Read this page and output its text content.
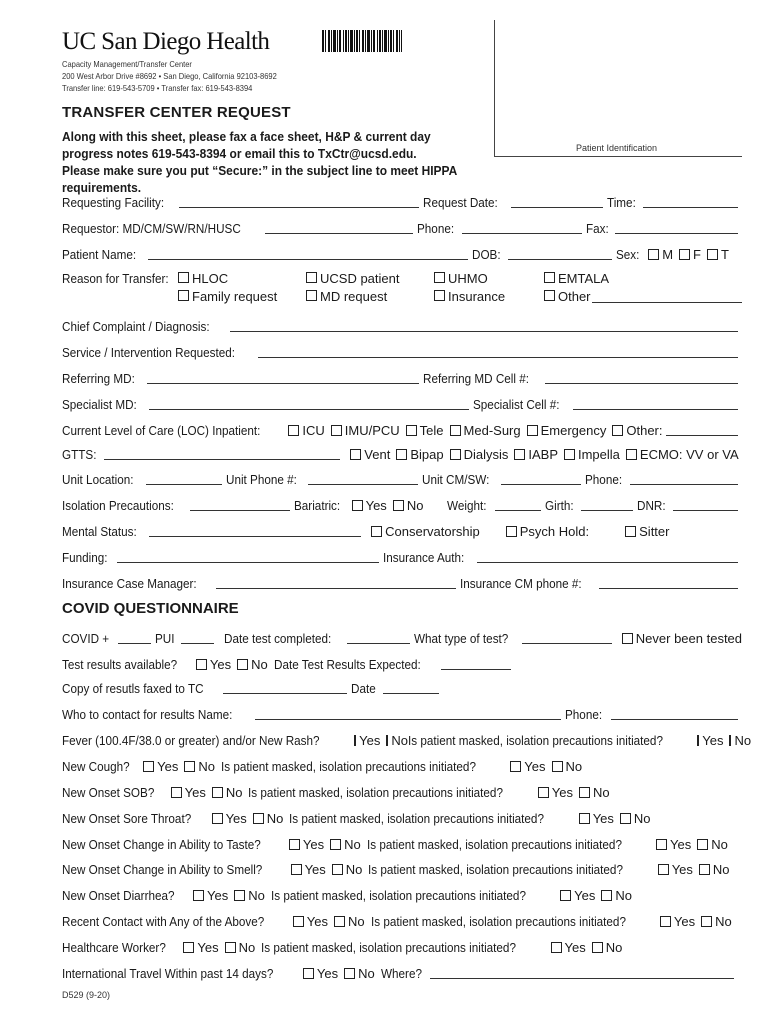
UC San Diego Health
Capacity Management/Transfer Center
200 West Arbor Drive #8692 • San Diego, California 92103-8692
Transfer line: 619-543-5709 • Transfer fax: 619-543-8394
Patient Identification
TRANSFER CENTER REQUEST
Along with this sheet, please fax a face sheet, H&P & current day progress notes 619-543-8394 or email this to TxCtr@ucsd.edu. Please make sure you put “Secure:” in the subject line to meet HIPPA requirements.
Requesting Facility:	Request Date:	Time:
Requestor: MD/CM/SW/RN/HUSC	Phone:	Fax:
Patient Name:	DOB:	Sex: M F T
Reason for Transfer: HLOC	UCSD patient	UHMO	EMTALA
Family request	MD request	Insurance	Other
Chief Complaint / Diagnosis:
Service / Intervention Requested:
Referring MD:	Referring MD Cell #:
Specialist MD:	Specialist Cell #:
Current Level of Care (LOC) Inpatient:	ICU IMU/PCU Tele Med-Surg Emergency Other:
GTTS:	Vent Bipap Dialysis IABP Impella ECMO: VV or VA
Unit Location:	Unit Phone #:	Unit CM/SW:	Phone:
Isolation Precautions:	Bariatric: Yes No Weight:	Girth:	DNR:
Mental Status:	Conservatorship	Psych Hold:	Sitter
Funding:	Insurance Auth:
Insurance Case Manager:	Insurance CM phone #:
COVID QUESTIONNAIRE
COVID +	PUI	Date test completed:	What type of test?	Never been tested
Test results available?	Yes No Date Test Results Expected:
Copy of resutls faxed to TC	Date
Who to contact for results Name:	Phone:
Fever (100.4F/38.0 or greater) and/or New Rash?	Yes No Is patient masked, isolation precautions initiated?	Yes No
New Cough? Yes No Is patient masked, isolation precautions initiated?	Yes No
New Onset SOB? Yes No Is patient masked, isolation precautions initiated?	Yes No
New Onset Sore Throat?	Yes No Is patient masked, isolation precautions initiated?	Yes No
New Onset Change in Ability to Taste?	Yes No Is patient masked, isolation precautions initiated?	Yes No
New Onset Change in Ability to Smell?	Yes No Is patient masked, isolation precautions initiated?	Yes No
New Onset Diarrhea?	Yes No Is patient masked, isolation precautions initiated?	Yes No
Recent Contact with Any of the Above?	Yes No Is patient masked, isolation precautions initiated?	Yes No
Healthcare Worker? Yes No Is patient masked, isolation precautions initiated?	Yes No
International Travel Within past 14 days?	Yes No Where?
D529 (9-20)
